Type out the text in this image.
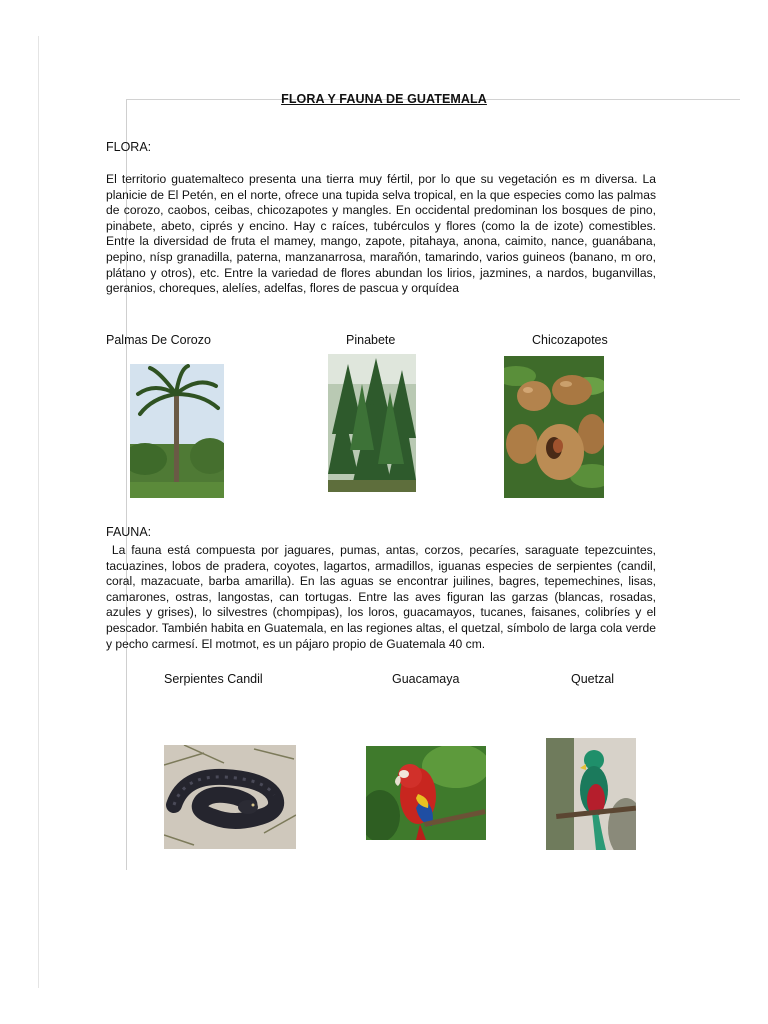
FLORA Y FAUNA DE GUATEMALA
FLORA:

El territorio guatemalteco presenta una tierra muy fértil, por lo que su vegetación es m diversa. La planicie de El Petén, en el norte, ofrece una tupida selva tropical, en la que especies como las palmas de corozo, caobos, ceibas, chicozapotes y mangles. En occidental predominan los bosques de pino, pinabete, abeto, ciprés y encino. Hay c raíces, tubérculos y flores (como la de izote) comestibles. Entre la diversidad de fruta el mamey, mango, zapote, pitahaya, anona, caimito, nance, guanábana, pepino, nísp granadilla, paterna, manzanarrosa, marañón, tamarindo, varios guineos (banano, m oro, plátano y otros), etc. Entre la variedad de flores abundan los lirios, jazmines, a nardos, buganvillas, geranios, choreques, alelíes, adelfas, flores de pascua y orquídea

Palmas De Corozo	Pinabete	Chicozapotes
FAUNA:

La fauna está compuesta por jaguares, pumas, antas, corzos, pecaríes, saraguate tepezcuintes, tacuazines, lobos de pradera, coyotes, lagartos, armadillos, iguanas especies de serpientes (candil, coral, mazacuate, barba amarilla). En las aguas se encontrar juilines, bagres, tepemechines, lisas, camarones, ostras, langostas, can tortugas. Entre las aves figuran las garzas (blancas, rosadas, azules y grises), lo silvestres (chompipas), los loros, guacamayos, tucanes, faisanes, colibríes y el pescador. También habita en Guatemala, en las regiones altas, el quetzal, símbolo de larga cola verde y pecho carmesí. El motmot, es un pájaro propio de Guatemala 40 cm.

Serpientes Candil	Guacamaya	Quetzal
